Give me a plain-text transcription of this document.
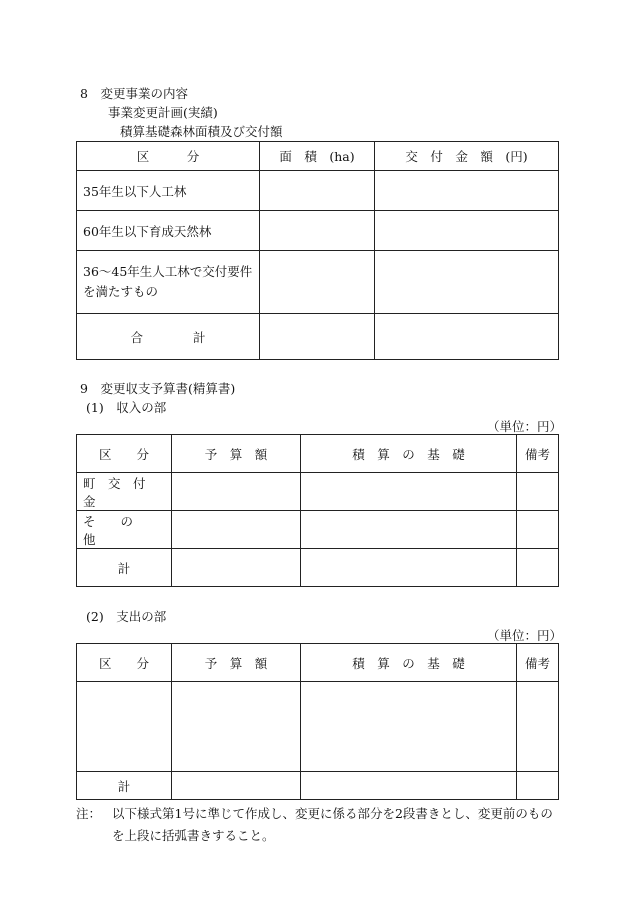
8　変更事業の内容
事業変更計画(実績)
積算基礎森林面積及び交付額
区　　　分	面　積　(ha)	交　付　金　額　(円)
35年生以下人工林		
60年生以下育成天然林		
36～45年生人工林で交付要件を満たすもの		
合　　　　計		
9　変更収支予算書(精算書)
(1)　収入の部
（単位：円）
区　　分	予　算　額	積　算　の　基　礎	備考
町　交　付　金			
そ　　の　　他			
計			
(2)　支出の部
（単位：円）
区　　分	予　算　額	積　算　の　基　礎	備考

計			
注： 以下様式第1号に準じて作成し、変更に係る部分を2段書きとし、変更前のものを上段に括弧書きすること。
